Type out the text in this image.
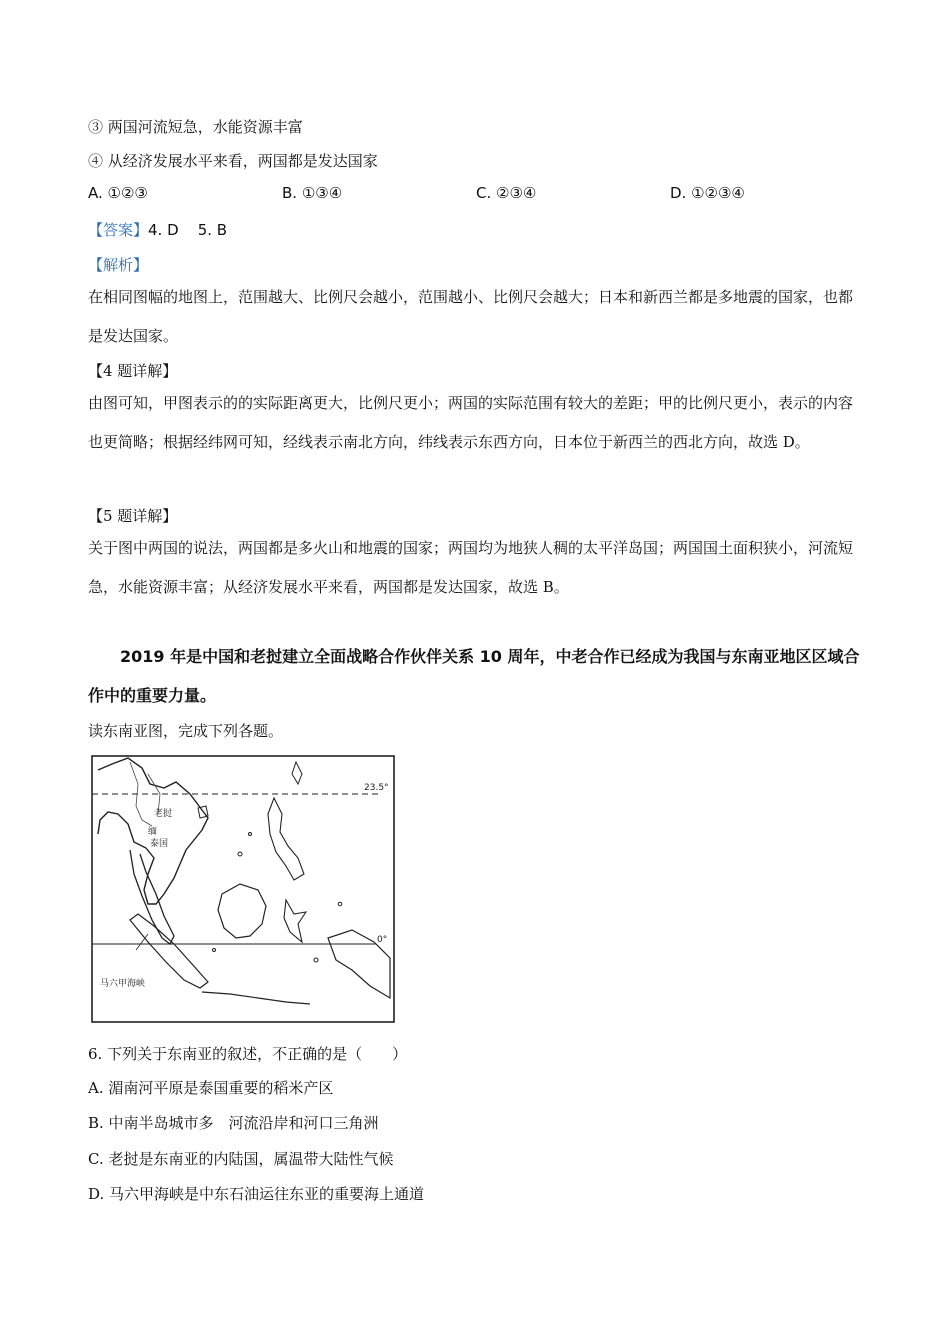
③ 两国河流短急，水能资源丰富
④ 从经济发展水平来看，两国都是发达国家
A. ①②③	B. ①③④	C. ②③④	D. ①②③④
【答案】4. D    5. B
【解析】
在相同图幅的地图上，范围越大、比例尺会越小，范围越小、比例尺会越大；日本和新西兰都是多地震的国家，也都是发达国家。
【4 题详解】
由图可知，甲图表示的的实际距离更大，比例尺更小；两国的实际范围有较大的差距；甲的比例尺更小，表示的内容也更简略；根据经纬网可知，经线表示南北方向，纬线表示东西方向，日本位于新西兰的西北方向，故选 D。
【5 题详解】
关于图中两国的说法，两国都是多火山和地震的国家；两国均为地狭人稠的太平洋岛国；两国国土面积狭小，河流短急，水能资源丰富；从经济发展水平来看，两国都是发达国家，故选 B。
2019 年是中国和老挝建立全面战略合作伙伴关系 10 周年，中老合作已经成为我国与东南亚地区区域合作中的重要力量。
读东南亚图，完成下列各题。
23.5°
0°
老挝
缅
泰国
马六甲海峡
6. 下列关于东南亚的叙述，不正确的是（　　）
A. 湄南河平原是泰国重要的稻米产区
B. 中南半岛城市多　河流沿岸和河口三角洲
C. 老挝是东南亚的内陆国，属温带大陆性气候
D. 马六甲海峡是中东石油运往东亚的重要海上通道
